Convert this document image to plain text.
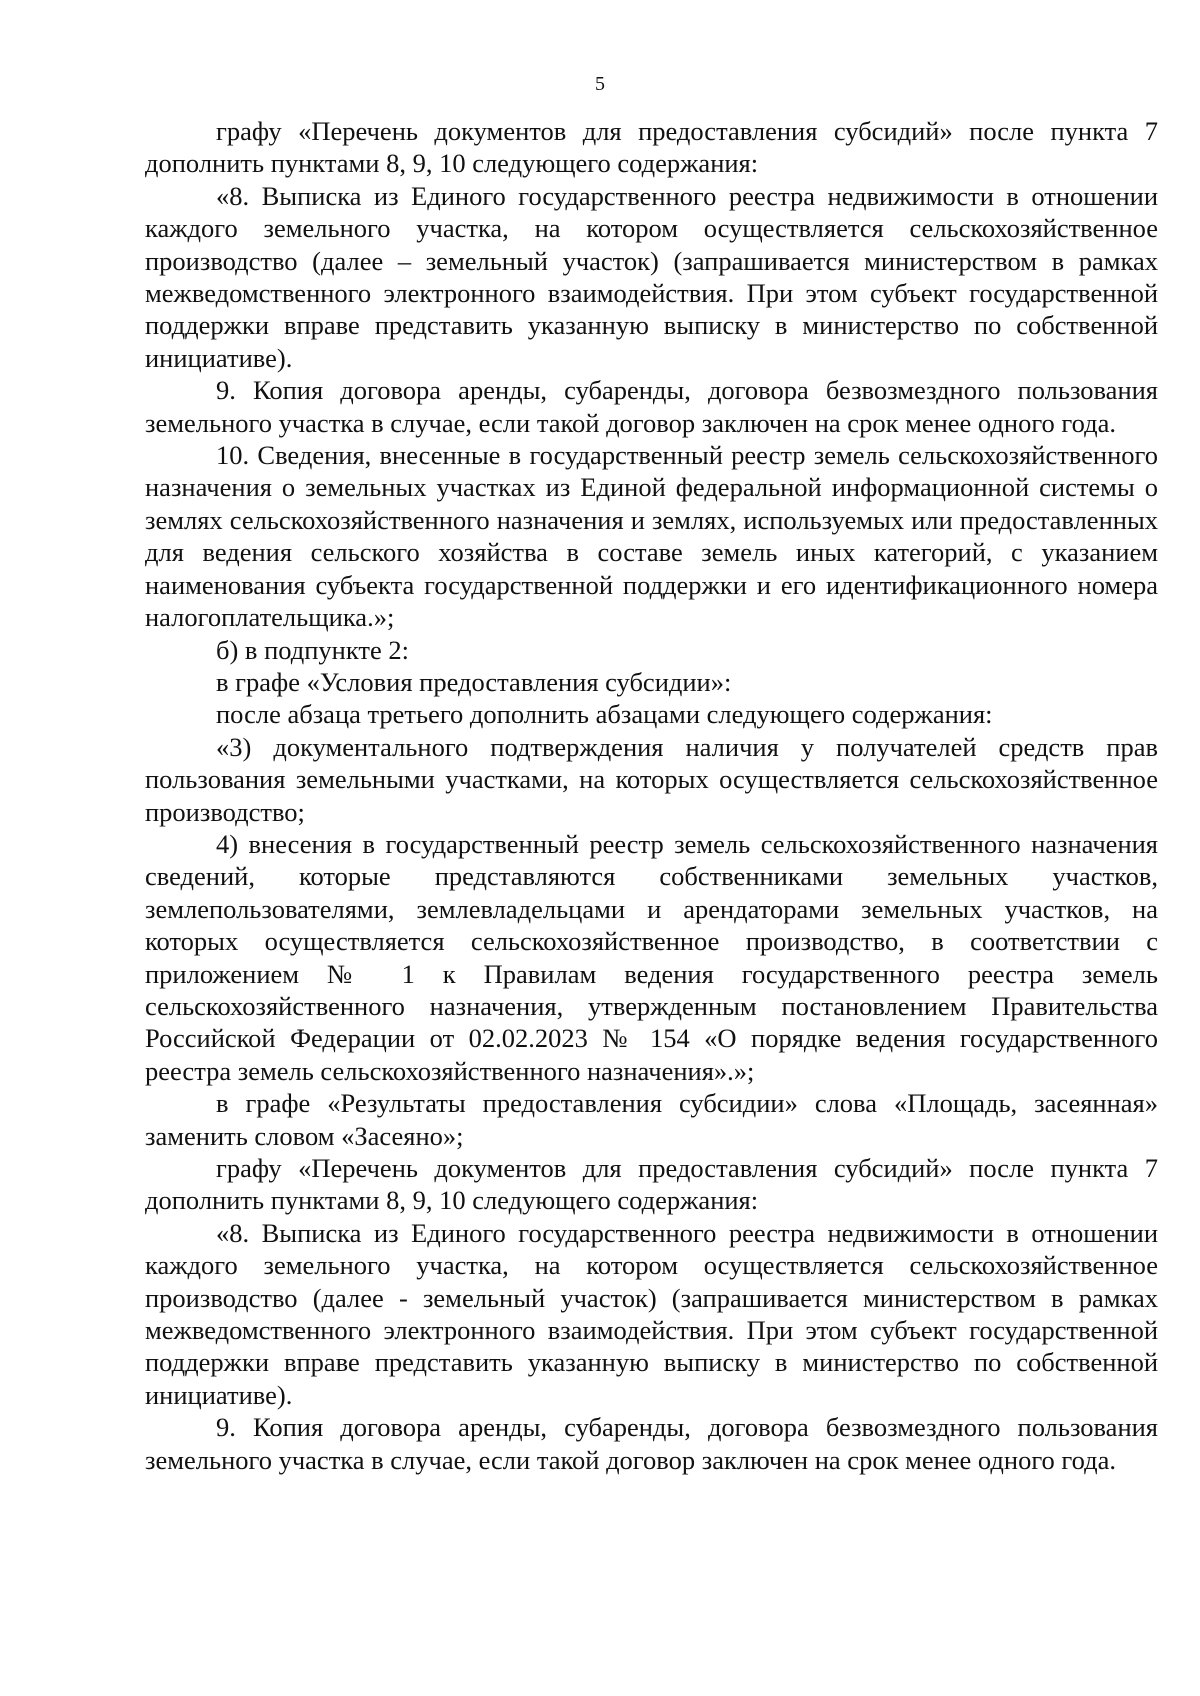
5

графу «Перечень документов для предоставления субсидий» после пункта 7 дополнить пунктами 8, 9, 10 следующего содержания:

«8. Выписка из Единого государственного реестра недвижимости в отношении каждого земельного участка, на котором осуществляется сельскохозяйственное производство (далее – земельный участок) (запрашивается министерством в рамках межведомственного электронного взаимодействия. При этом субъект государственной поддержки вправе представить указанную выписку в министерство по собственной инициативе).

9. Копия договора аренды, субаренды, договора безвозмездного пользования земельного участка в случае, если такой договор заключен на срок менее одного года.

10. Сведения, внесенные в государственный реестр земель сельскохозяйственного назначения о земельных участках из Единой федеральной информационной системы о землях сельскохозяйственного назначения и землях, используемых или предоставленных для ведения сельского хозяйства в составе земель иных категорий, с указанием наименования субъекта государственной поддержки и его идентификационного номера налогоплательщика.»;

б) в подпункте 2:

в графе «Условия предоставления субсидии»:

после абзаца третьего дополнить абзацами следующего содержания:

«3) документального подтверждения наличия у получателей средств прав пользования земельными участками, на которых осуществляется сельскохозяйственное производство;

4) внесения в государственный реестр земель сельскохозяйственного назначения сведений, которые представляются собственниками земельных участков, землепользователями, землевладельцами и арендаторами земельных участков, на которых осуществляется сельскохозяйственное производство, в соответствии с приложением № 1 к Правилам ведения государственного реестра земель сельскохозяйственного назначения, утвержденным постановлением Правительства Российской Федерации от 02.02.2023 № 154 «О порядке ведения государственного реестра земель сельскохозяйственного назначения».»;

в графе «Результаты предоставления субсидии» слова «Площадь, засеянная» заменить словом «Засеяно»;

графу «Перечень документов для предоставления субсидий» после пункта 7 дополнить пунктами 8, 9, 10 следующего содержания:

«8. Выписка из Единого государственного реестра недвижимости в отношении каждого земельного участка, на котором осуществляется сельскохозяйственное производство (далее - земельный участок) (запрашивается министерством в рамках межведомственного электронного взаимодействия. При этом субъект государственной поддержки вправе представить указанную выписку в министерство по собственной инициативе).

9. Копия договора аренды, субаренды, договора безвозмездного пользования земельного участка в случае, если такой договор заключен на срок менее одного года.
